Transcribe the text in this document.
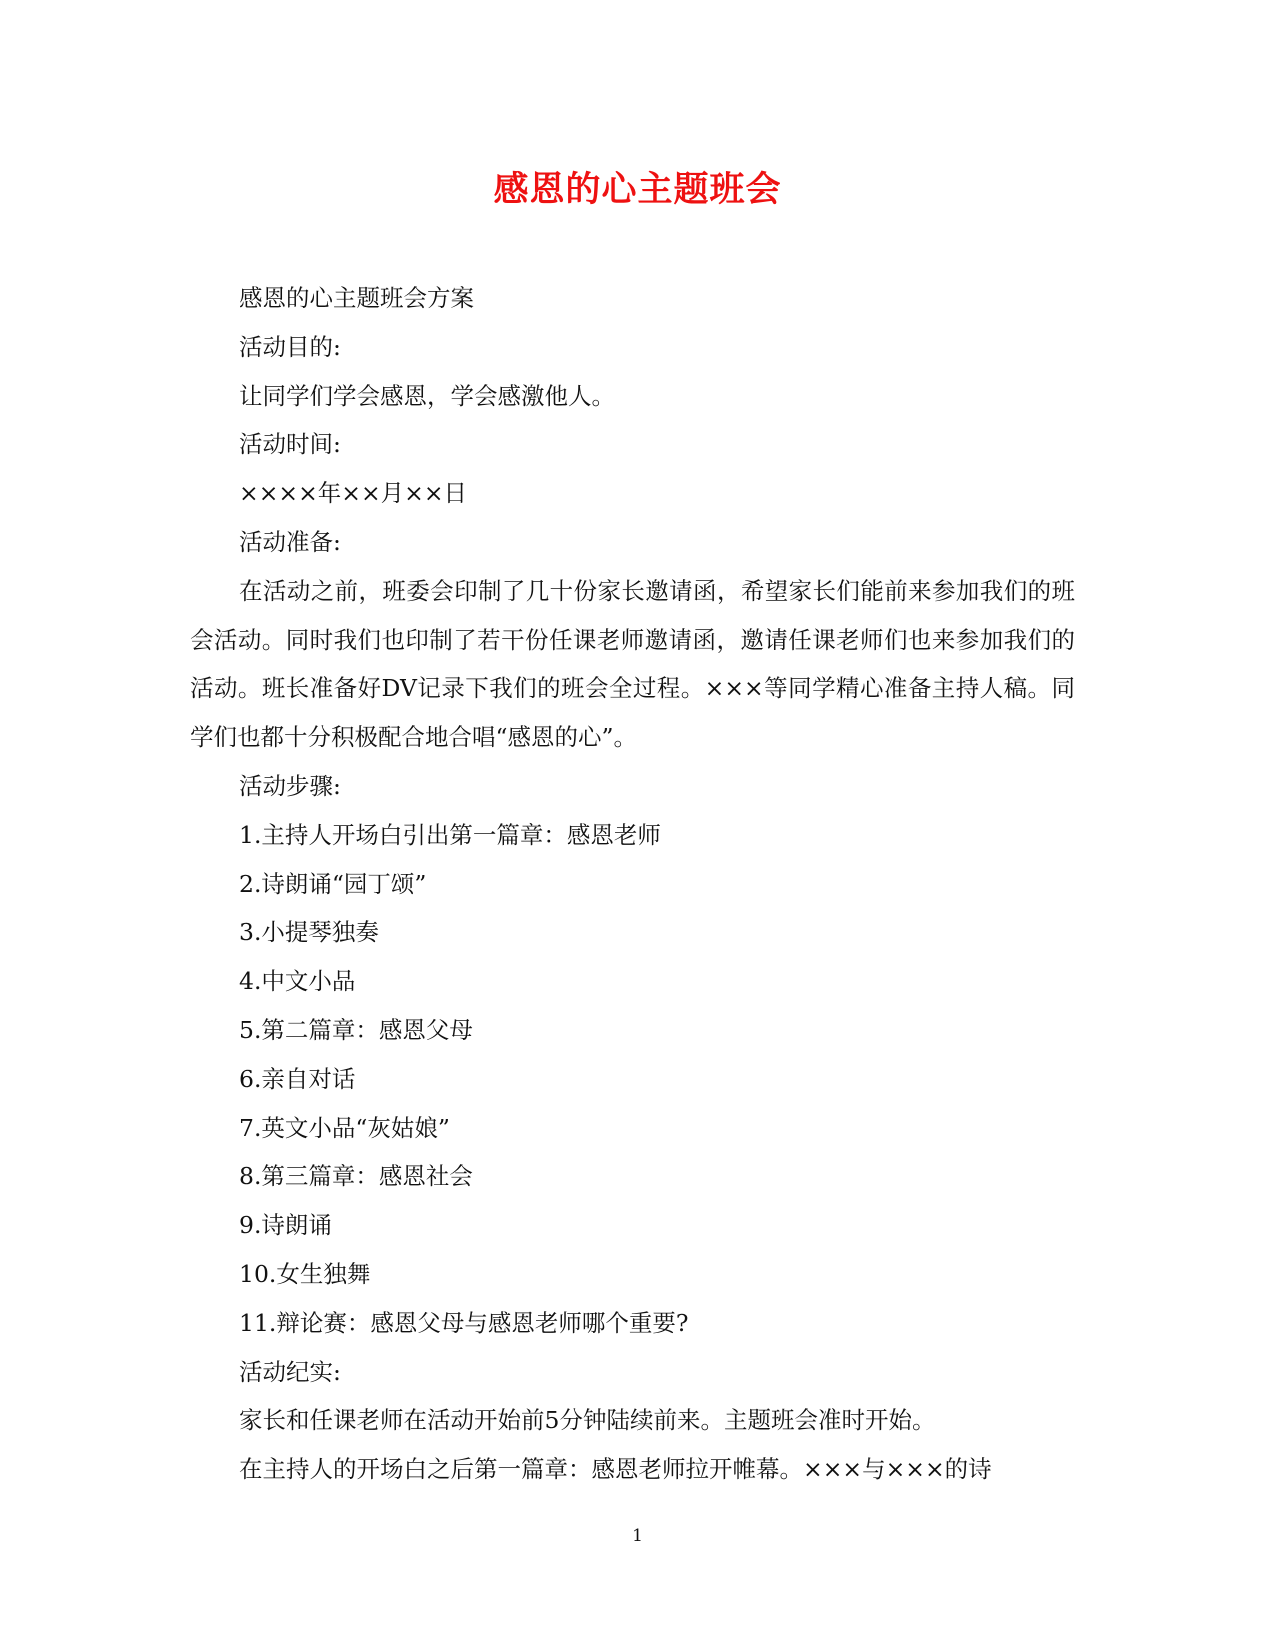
感恩的心主题班会

感恩的心主题班会方案

活动目的:

让同学们学会感恩，学会感激他人。

活动时间:

××××年××月××日

活动准备:

在活动之前，班委会印制了几十份家长邀请函，希望家长们能前来参加我们的班会活动。同时我们也印制了若干份任课老师邀请函，邀请任课老师们也来参加我们的活动。班长准备好DV记录下我们的班会全过程。×××等同学精心准备主持人稿。同学们也都十分积极配合地合唱“感恩的心”。

活动步骤:

1.主持人开场白引出第一篇章：感恩老师

2.诗朗诵“园丁颂”

3.小提琴独奏

4.中文小品

5.第二篇章：感恩父母

6.亲自对话

7.英文小品“灰姑娘”

8.第三篇章：感恩社会

9.诗朗诵

10.女生独舞

11.辩论赛：感恩父母与感恩老师哪个重要?

活动纪实:

家长和任课老师在活动开始前5分钟陆续前来。主题班会准时开始。

在主持人的开场白之后第一篇章：感恩老师拉开帷幕。×××与×××的诗

1
